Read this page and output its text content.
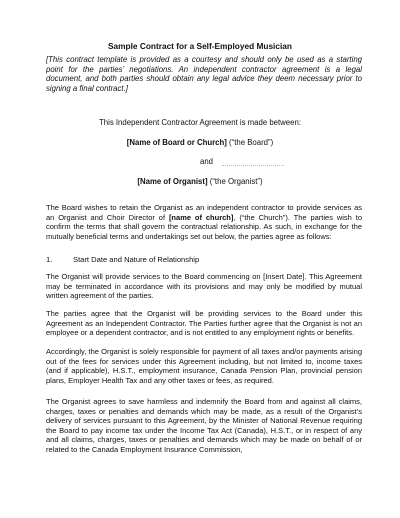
Sample Contract for a Self-Employed Musician

[This contract template is provided as a courtesy and should only be used as a starting point for the parties’ negotiations. An independent contractor agreement is a legal document, and both parties should obtain any legal advice they deem necessary prior to signing a final contract.]

This Independent Contractor Agreement is made between:

[Name of Board or Church] (“the Board”)

and

[Name of Organist] (“the Organist”)

The Board wishes to retain the Organist as an independent contractor to provide services as an Organist and Choir Director of [name of church], (“the Church”). The parties wish to confirm the terms that shall govern the contractual relationship. As such, in exchange for the mutually beneficial terms and undertakings set out below, the parties agree as follows:

1.	Start Date and Nature of Relationship

The Organist will provide services to the Board commencing on [Insert Date]. This Agreement may be terminated in accordance with its provisions and may only be modified by mutual written agreement of the parties.

The parties agree that the Organist will be providing services to the Board under this Agreement as an Independent Contractor. The Parties further agree that the Organist is not an employee or a dependent contractor, and is not entitled to any employment rights or benefits.

Accordingly, the Organist is solely responsible for payment of all taxes and/or payments arising out of the fees for services under this Agreement including, but not limited to, income taxes (and if applicable), H.S.T., employment insurance, Canada Pension Plan, provincial pension plans, Employer Health Tax and any other taxes or fees, as required.

The Organist agrees to save harmless and indemnify the Board from and against all claims, charges, taxes or penalties and demands which may be made, as a result of the Organist’s delivery of services pursuant to this Agreement, by the Minister of National Revenue requiring the Board to pay income tax under the Income Tax Act (Canada), H.S.T., or in respect of any and all claims, charges, taxes or penalties and demands which may be made on behalf of or related to the Canada Employment Insurance Commission,
